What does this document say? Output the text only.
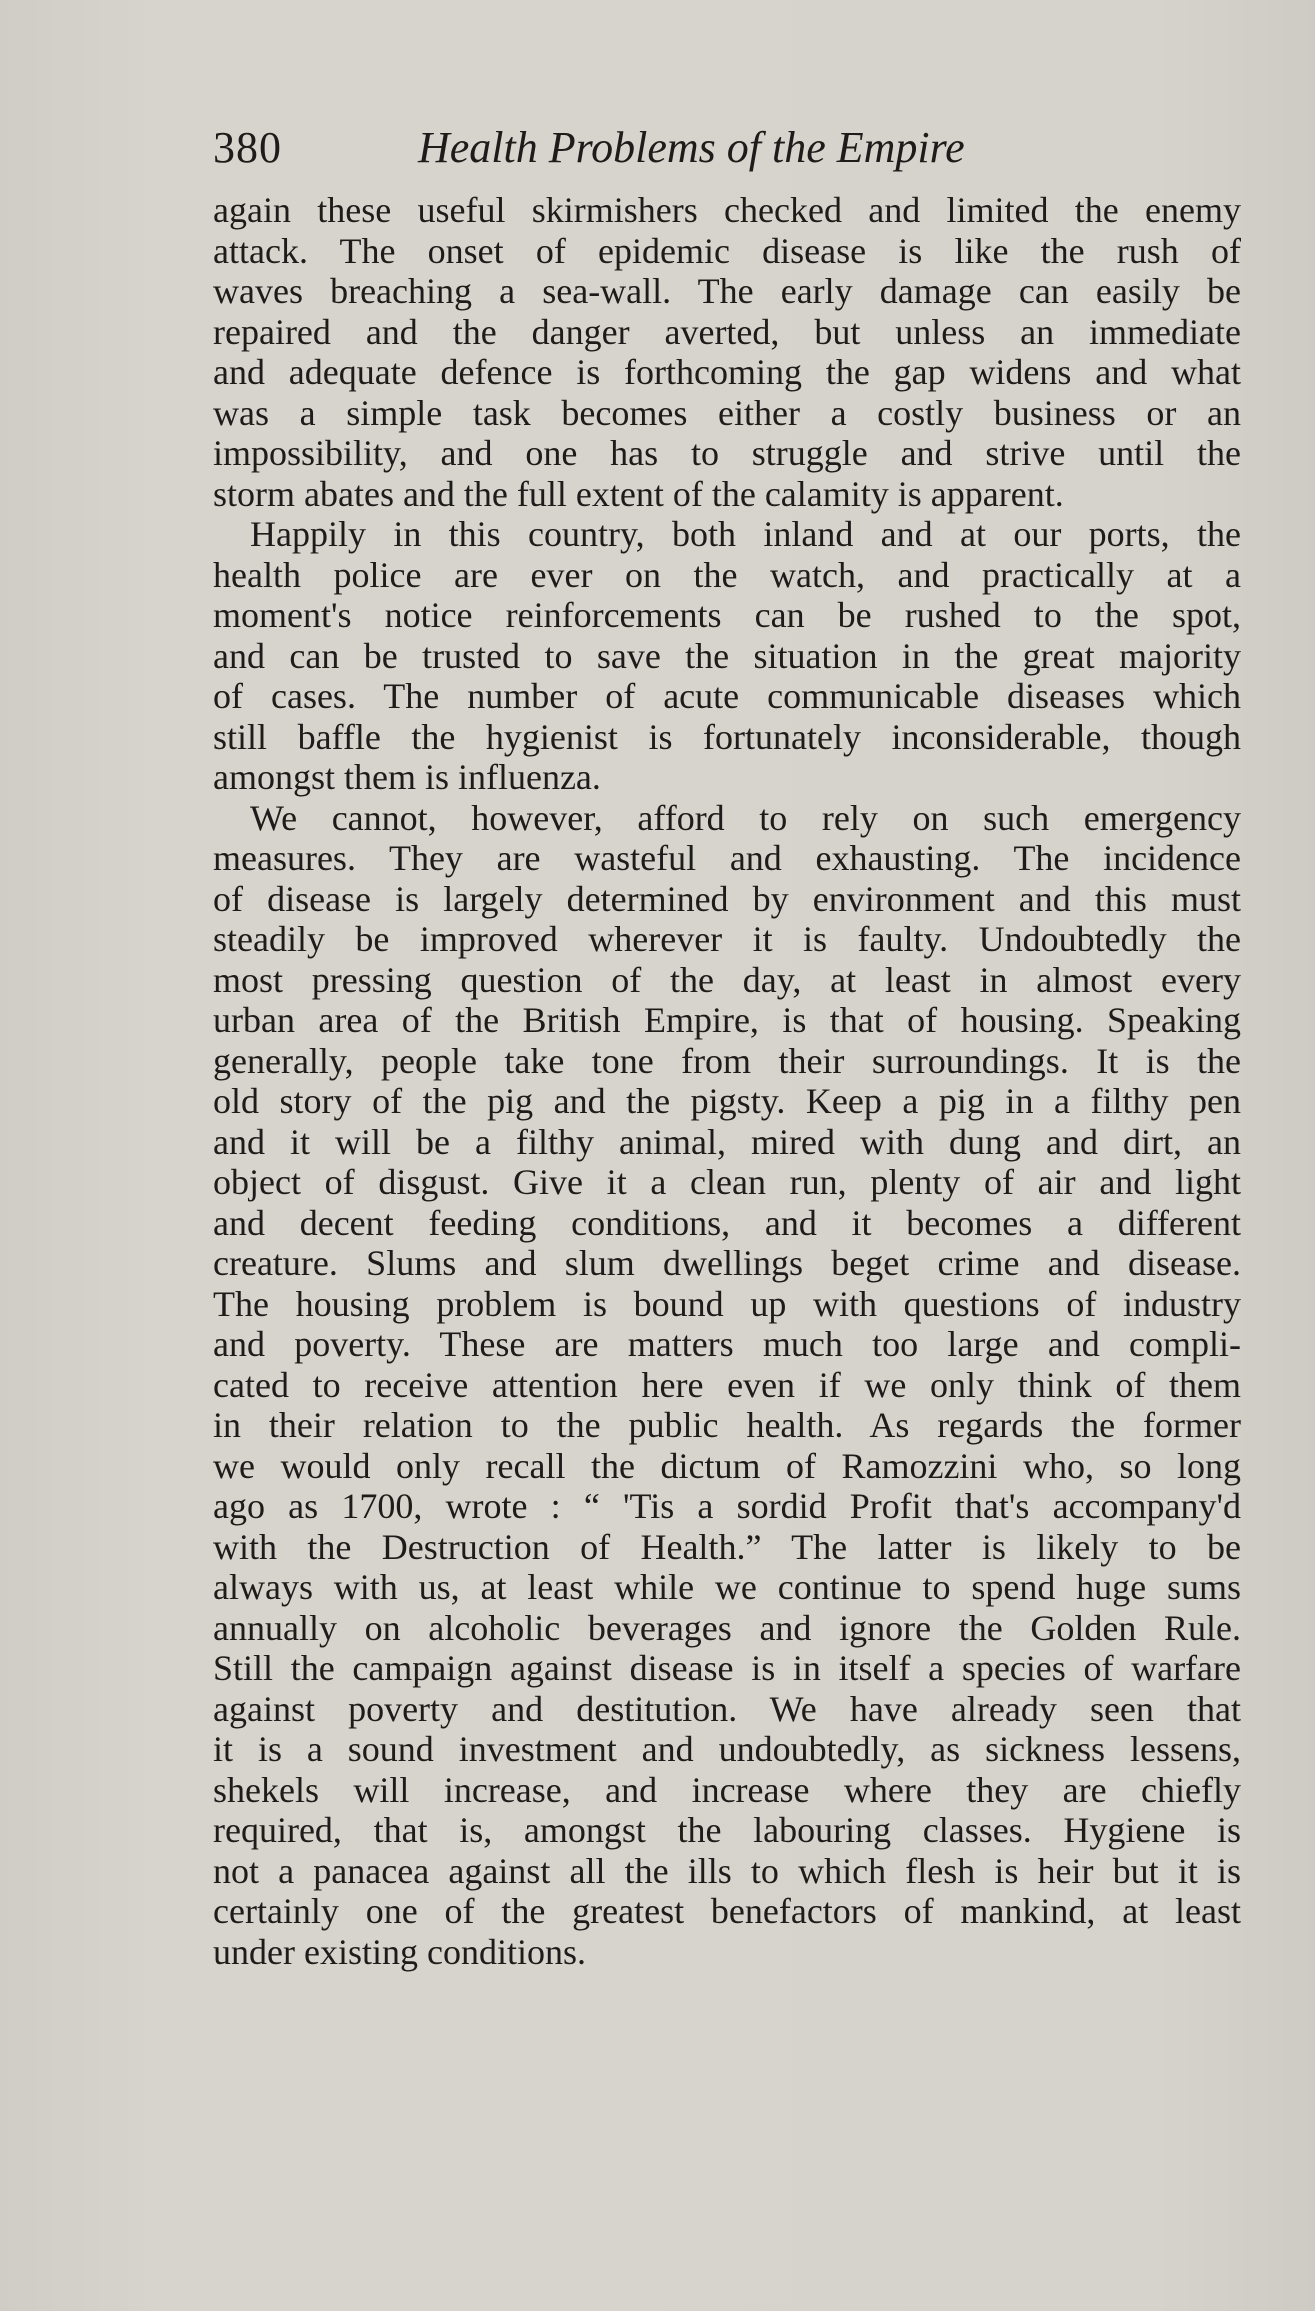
380	Health Problems of the Empire
again these useful skirmishers checked and limited the enemy
attack. The onset of epidemic disease is like the rush of
waves breaching a sea-wall. The early damage can easily be
repaired and the danger averted, but unless an immediate
and adequate defence is forthcoming the gap widens and what
was a simple task becomes either a costly business or an
impossibility, and one has to struggle and strive until the
storm abates and the full extent of the calamity is apparent.
Happily in this country, both inland and at our ports, the
health police are ever on the watch, and practically at a
moment's notice reinforcements can be rushed to the spot,
and can be trusted to save the situation in the great majority
of cases. The number of acute communicable diseases which
still baffle the hygienist is fortunately inconsiderable, though
amongst them is influenza.
We cannot, however, afford to rely on such emergency
measures. They are wasteful and exhausting. The incidence
of disease is largely determined by environment and this must
steadily be improved wherever it is faulty. Undoubtedly the
most pressing question of the day, at least in almost every
urban area of the British Empire, is that of housing. Speaking
generally, people take tone from their surroundings. It is the
old story of the pig and the pigsty. Keep a pig in a filthy pen
and it will be a filthy animal, mired with dung and dirt, an
object of disgust. Give it a clean run, plenty of air and light
and decent feeding conditions, and it becomes a different
creature. Slums and slum dwellings beget crime and disease.
The housing problem is bound up with questions of industry
and poverty. These are matters much too large and compli-
cated to receive attention here even if we only think of them
in their relation to the public health. As regards the former
we would only recall the dictum of Ramozzini who, so long
ago as 1700, wrote : “ 'Tis a sordid Profit that's accompany'd
with the Destruction of Health.” The latter is likely to be
always with us, at least while we continue to spend huge sums
annually on alcoholic beverages and ignore the Golden Rule.
Still the campaign against disease is in itself a species of warfare
against poverty and destitution. We have already seen that
it is a sound investment and undoubtedly, as sickness lessens,
shekels will increase, and increase where they are chiefly
required, that is, amongst the labouring classes. Hygiene is
not a panacea against all the ills to which flesh is heir but it is
certainly one of the greatest benefactors of mankind, at least
under existing conditions.
